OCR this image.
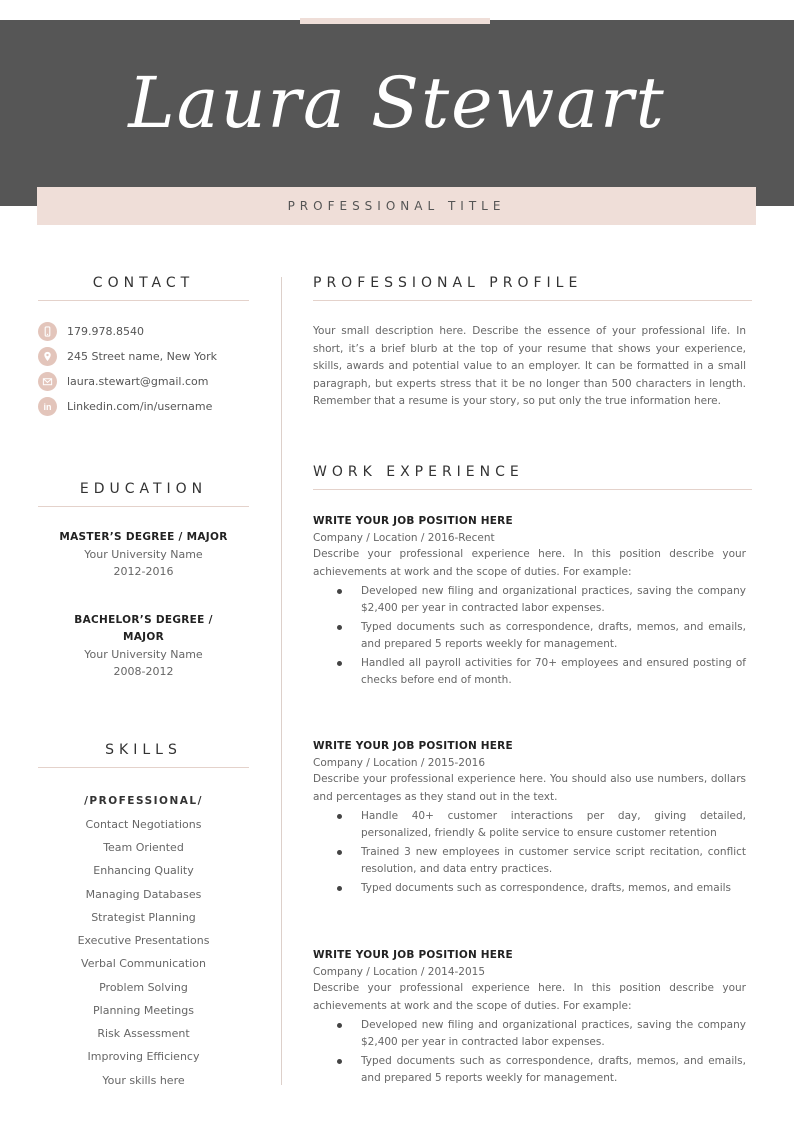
Laura Stewart
PROFESSIONAL TITLE
CONTACT
179.978.8540
245 Street name, New York
laura.stewart@gmail.com
in Linkedin.com/in/username
EDUCATION
MASTER’S DEGREE / MAJOR
Your University Name
2012-2016
BACHELOR’S DEGREE /
MAJOR
Your University Name
2008-2012
SKILLS
/PROFESSIONAL/
Contact Negotiations
Team Oriented
Enhancing Quality
Managing Databases
Strategist Planning
Executive Presentations
Verbal Communication
Problem Solving
Planning Meetings
Risk Assessment
Improving Efficiency
Your skills here
PROFESSIONAL PROFILE

Your small description here. Describe the essence of your professional life. In short, it’s a brief blurb at the top of your resume that shows your experience, skills, awards and potential value to an employer. It can be formatted in a small paragraph, but experts stress that it be no longer than 500 characters in length. Remember that a resume is your story, so put only the true information here.

WORK EXPERIENCE
WRITE YOUR JOB POSITION HERE
Company / Location / 2016-Recent

Describe your professional experience here. In this position describe your achievements at work and the scope of duties. For example:

Developed new filing and organizational practices, saving the company $2,400 per year in contracted labor expenses.
Typed documents such as correspondence, drafts, memos, and emails, and prepared 5 reports weekly for management.
Handled all payroll activities for 70+ employees and ensured posting of checks before end of month.
WRITE YOUR JOB POSITION HERE
Company / Location / 2015-2016

Describe your professional experience here. You should also use numbers, dollars and percentages as they stand out in the text.

Handle 40+ customer interactions per day, giving detailed, personalized, friendly & polite service to ensure customer retention
Trained 3 new employees in customer service script recitation, conflict resolution, and data entry practices.
Typed documents such as correspondence, drafts, memos, and emails
WRITE YOUR JOB POSITION HERE
Company / Location / 2014-2015

Describe your professional experience here. In this position describe your achievements at work and the scope of duties. For example:

Developed new filing and organizational practices, saving the company $2,400 per year in contracted labor expenses.
Typed documents such as correspondence, drafts, memos, and emails, and prepared 5 reports weekly for management.
